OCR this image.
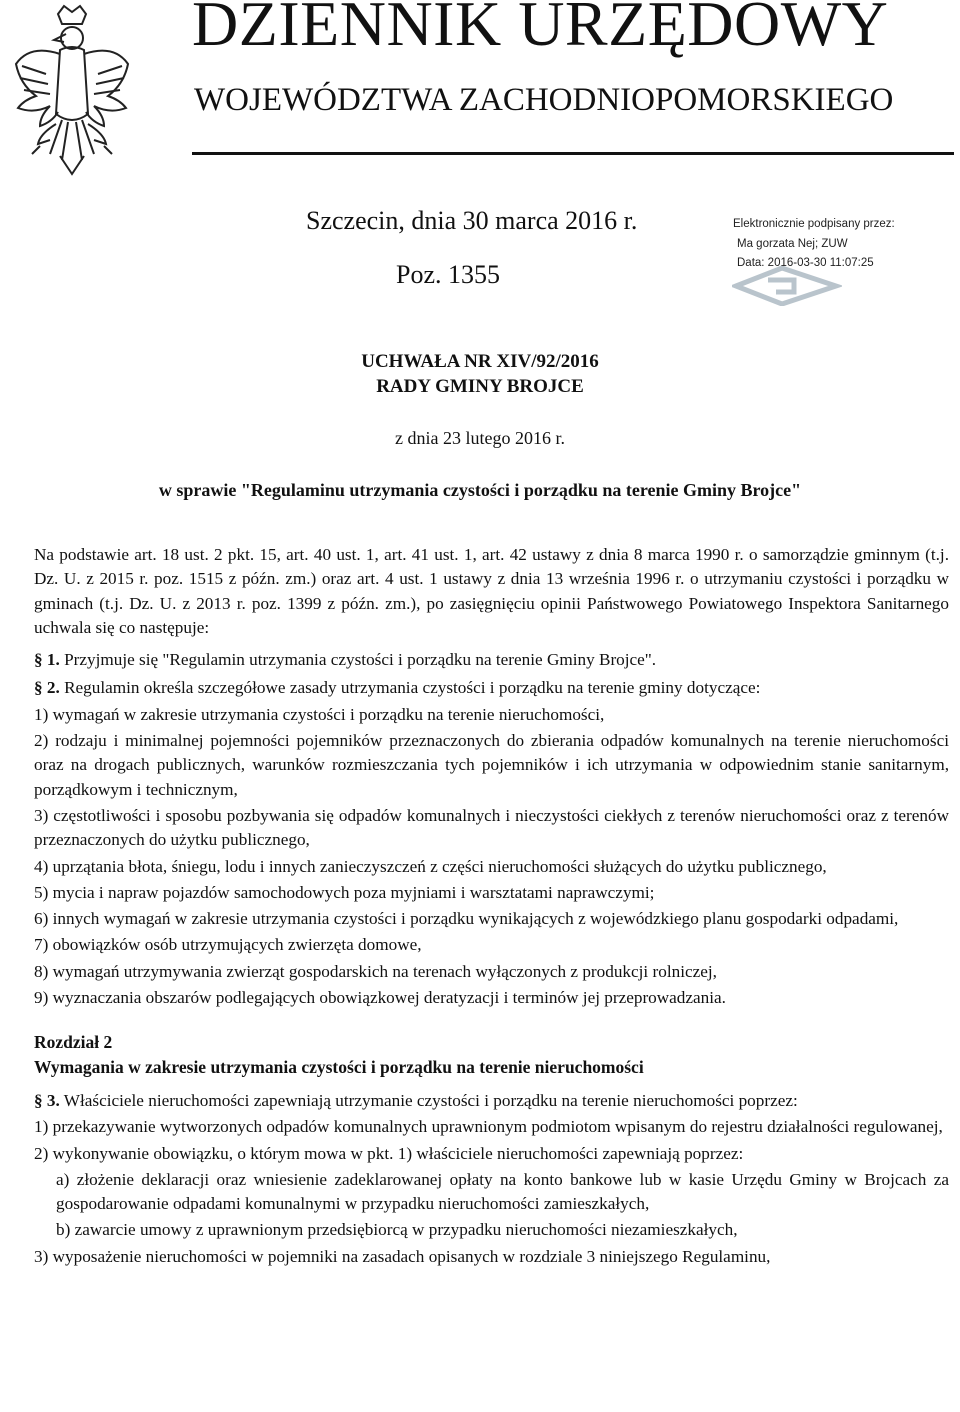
DZIENNIK URZĘDOWY
WOJEWÓDZTWA ZACHODNIOPOMORSKIEGO
Szczecin, dnia 30 marca 2016 r.
Poz. 1355
Elektronicznie podpisany przez:
Ma gorzata Nej; ZUW
Data: 2016-03-30 11:07:25
UCHWAŁA NR XIV/92/2016
RADY GMINY BROJCE
z dnia 23 lutego 2016 r.
w sprawie "Regulaminu utrzymania czystości i porządku na terenie Gminy Brojce"

Na podstawie art. 18 ust. 2 pkt. 15, art. 40 ust. 1, art. 41 ust. 1, art. 42 ustawy z dnia 8 marca 1990 r. o samorządzie gminnym (t.j. Dz. U. z 2015 r. poz. 1515 z późn. zm.) oraz art. 4 ust. 1 ustawy z dnia 13 września 1996 r. o utrzymaniu czystości i porządku w gminach (t.j. Dz. U. z 2013 r. poz. 1399 z późn. zm.), po zasięgnięciu opinii Państwowego Powiatowego Inspektora Sanitarnego uchwala się co następuje:

§ 1. Przyjmuje się "Regulamin utrzymania czystości i porządku na terenie Gminy Brojce".

§ 2. Regulamin określa szczegółowe zasady utrzymania czystości i porządku na terenie gminy dotyczące:

1) wymagań w zakresie utrzymania czystości i porządku na terenie nieruchomości,

2) rodzaju i minimalnej pojemności pojemników przeznaczonych do zbierania odpadów komunalnych na terenie nieruchomości oraz na drogach publicznych, warunków rozmieszczania tych pojemników i ich utrzymania w odpowiednim stanie sanitarnym, porządkowym i technicznym,

3) częstotliwości i sposobu pozbywania się odpadów komunalnych i nieczystości ciekłych z terenów nieruchomości oraz z terenów przeznaczonych do użytku publicznego,

4) uprzątania błota, śniegu, lodu i innych zanieczyszczeń z części nieruchomości służących do użytku publicznego,

5) mycia i napraw pojazdów samochodowych poza myjniami i warsztatami naprawczymi;

6) innych wymagań w zakresie utrzymania czystości i porządku wynikających z wojewódzkiego planu gospodarki odpadami,

7) obowiązków osób utrzymujących zwierzęta domowe,

8) wymagań utrzymywania zwierząt gospodarskich na terenach wyłączonych z produkcji rolniczej,

9) wyznaczania obszarów podlegających obowiązkowej deratyzacji i terminów jej przeprowadzania.

Rozdział 2

Wymagania w zakresie utrzymania czystości i porządku na terenie nieruchomości

§ 3. Właściciele nieruchomości zapewniają utrzymanie czystości i porządku na terenie nieruchomości poprzez:

1) przekazywanie wytworzonych odpadów komunalnych uprawnionym podmiotom wpisanym do rejestru działalności regulowanej,

2) wykonywanie obowiązku, o którym mowa w pkt. 1) właściciele nieruchomości zapewniają poprzez:

a) złożenie deklaracji oraz wniesienie zadeklarowanej opłaty na konto bankowe lub w kasie Urzędu Gminy w Brojcach za gospodarowanie odpadami komunalnymi w przypadku nieruchomości zamieszkałych,

b) zawarcie umowy z uprawnionym przedsiębiorcą w przypadku nieruchomości niezamieszkałych,

3) wyposażenie nieruchomości w pojemniki na zasadach opisanych w rozdziale 3 niniejszego Regulaminu,
